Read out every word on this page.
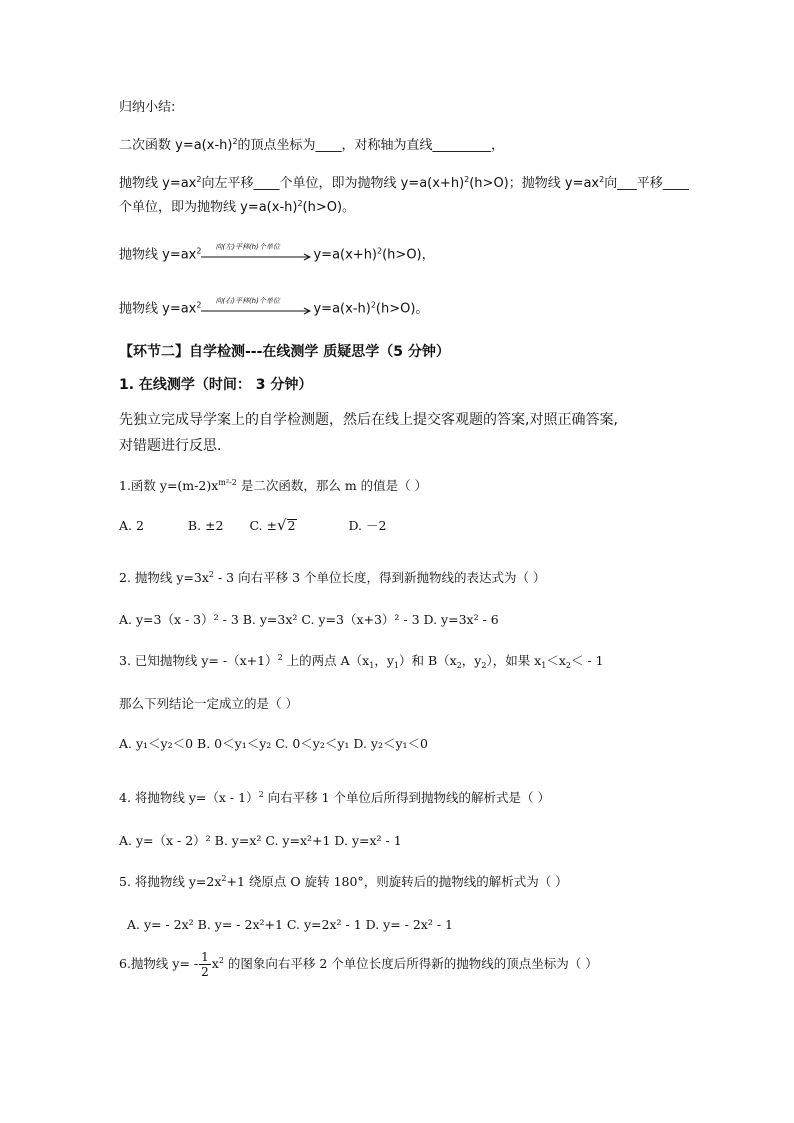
归纳小结:
二次函数 $y=a(x-h)^2$的顶点坐标为____，对称轴为直线_________，
抛物线 $y=ax^2$向左平移____个单位，即为抛物线 $y=a(x+h)^2(h>O)$；抛物线 $y=ax^2$向___平移____
个单位，即为抛物线 $y=a(x-h)^2(h>O)$。
抛物线 $y=ax^2$ 向(左)平移(h)个单位
$y=a(x+h)^2(h>O)$，
抛物线 $y=ax^2$ 向(右)平移(h)个单位
$y=a(x-h)^2(h>O)$。
【环节二】自学检测---在线测学 质疑思学（5 分钟）
1. 在线测学（时间： 3 分钟）
先独立完成导学案上的自学检测题，然后在线上提交客观题的答案,对照正确答案,
对错题进行反思.
1.函数 $y=(m-2)x^{m^2-2}$ 是二次函数，那么 m 的值是（ ）
A. 2	B. ±2 C. ±√2	D. －2
2. 抛物线 $y=3x^2 - 3$ 向右平移 3 个单位长度，得到新抛物线的表达式为（ ）
A. y=3（x - 3）² - 3 B. y=3x² C. y=3（x+3）² - 3 D. y=3x² - 6
3. 已知抛物线 $y= -(x+1)^2$ 上的两点 $A(x_1$，$y_1$）和 $B(x_2$，$y_2$），如果 $x_1<x_2< - 1$
那么下列结论一定成立的是（ ）
A. y₁＜y₂＜0 B. 0＜y₁＜y₂ C. 0＜y₂＜y₁ D. y₂＜y₁＜0
4. 将抛物线 y=（x - 1）$^2$ 向右平移 1 个单位后所得到抛物线的解析式是（ ）
A. y=（x - 2）² B. y=x² C. y=x²+1 D. y=x² - 1
5. 将抛物线 $y=2x^2+1$ 绕原点 O 旋转 180°，则旋转后的抛物线的解析式为（ ）
A. y= - 2x² B. y= - 2x²+1 C. y=2x² - 1 D. y= - 2x² - 1
6.抛物线 $y= - \frac{1}{2} x^2$ 的图象向右平移 2 个单位长度后所得新的抛物线的顶点坐标为（ ）
